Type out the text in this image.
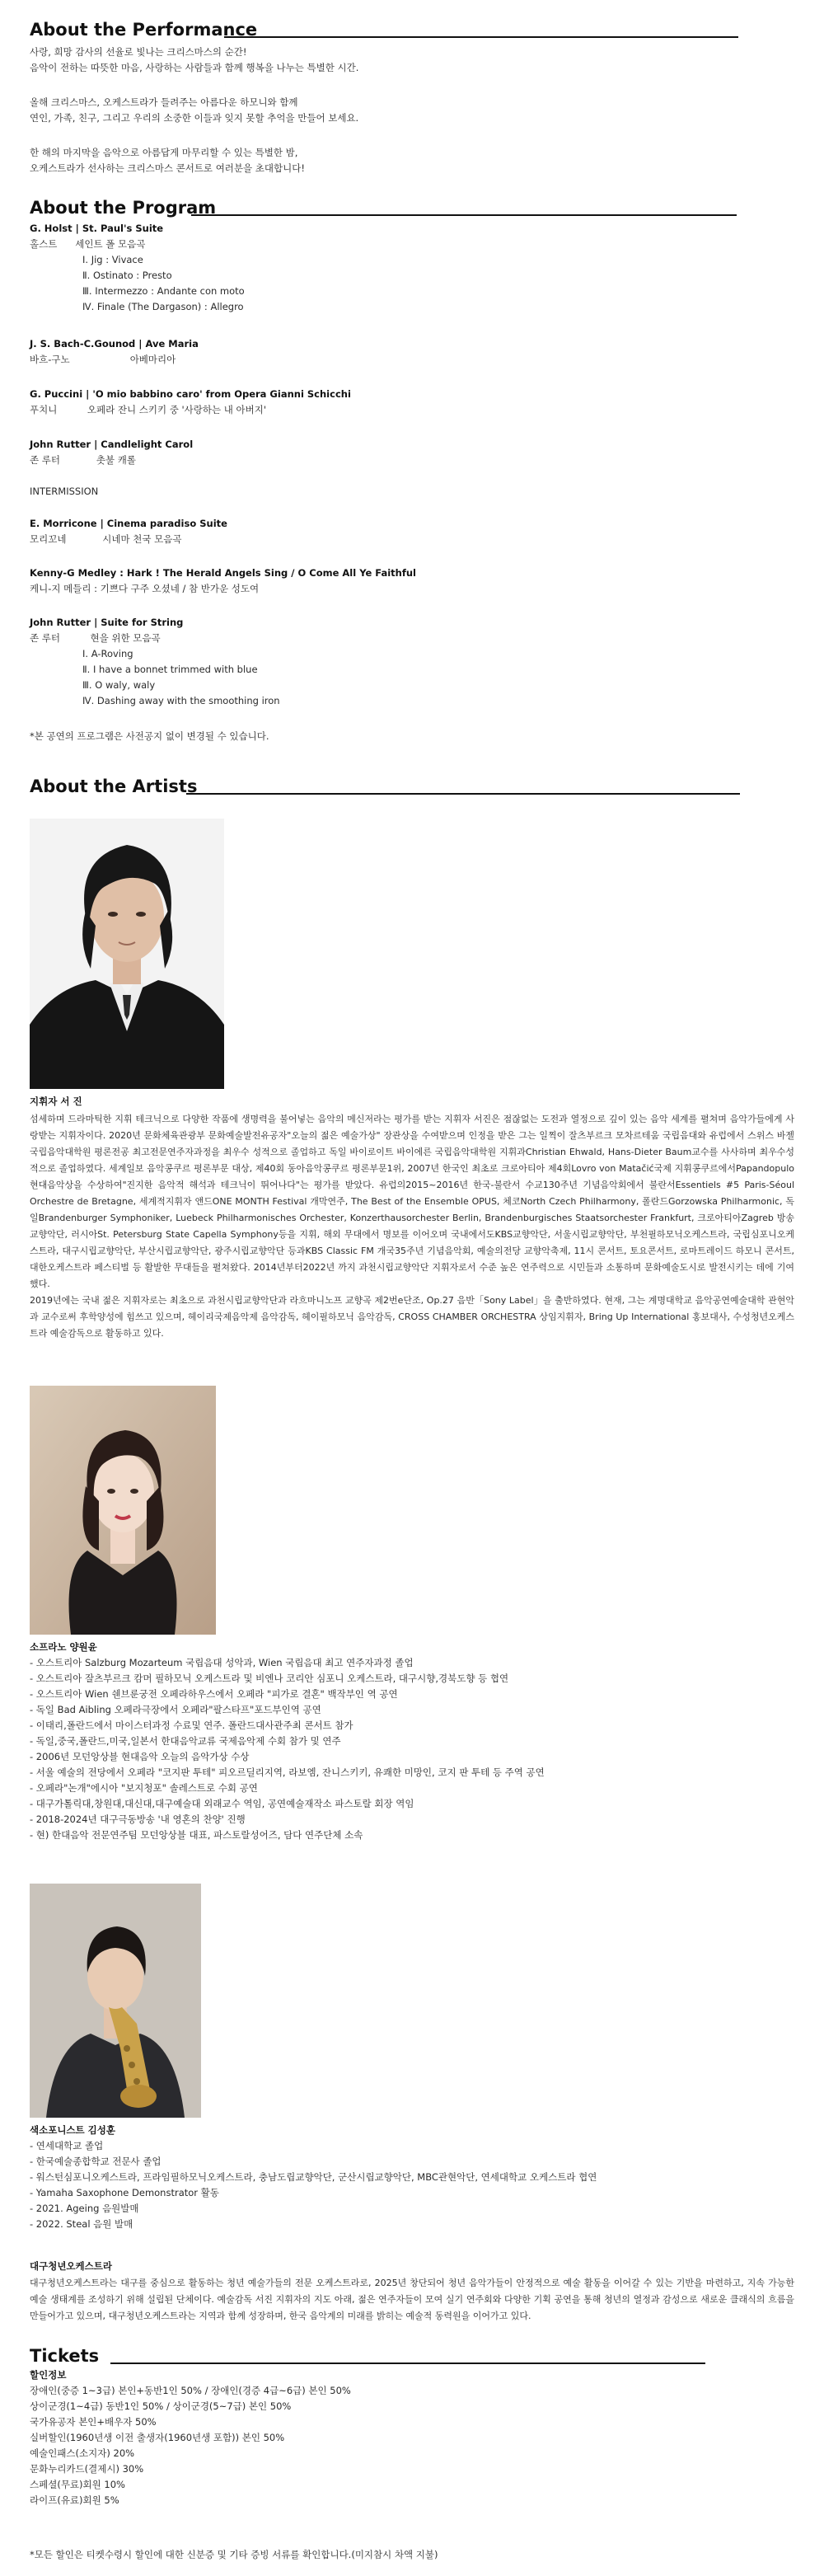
About the Performance
사랑, 희망 감사의 선율로 빛나는 크리스마스의 순간!
음악이 전하는 따뜻한 마음, 사랑하는 사람들과 함께 행복을 나누는 특별한 시간.
올해 크리스마스, 오케스트라가 들려주는 아름다운 하모니와 함께
연인, 가족, 친구, 그리고 우리의 소중한 이들과 잊지 못할 추억을 만들어 보세요.
한 해의 마지막을 음악으로 아름답게 마무리할 수 있는 특별한 밤,
오케스트라가 선사하는 크리스마스 콘서트로 여러분을 초대합니다!
About the Program
G. Holst | St. Paul's Suite
홀스트      세인트 폴 모음곡
Ⅰ. Jig : Vivace
Ⅱ. Ostinato : Presto
Ⅲ. Intermezzo : Andante con moto
Ⅳ. Finale (The Dargason) : Allegro
J. S. Bach-C.Gounod | Ave Maria
바흐-구노                    아베마리아
G. Puccini | 'O mio babbino caro' from Opera Gianni Schicchi
푸치니          오페라 잔니 스키키 중 '사랑하는 내 아버지'
John Rutter | Candlelight Carol
존 루터            촛불 캐롤
INTERMISSION
E. Morricone | Cinema paradiso Suite
모리꼬네            시네마 천국 모음곡
Kenny-G Medley : Hark ! The Herald Angels Sing / O Come All Ye Faithful
케니-지 메들리 : 기쁘다 구주 오셨네 / 참 반가운 성도여
John Rutter | Suite for String
존 루터          현을 위한 모음곡
Ⅰ. A-Roving
Ⅱ. I have a bonnet trimmed with blue
Ⅲ. O waly, waly
Ⅳ. Dashing away with the smoothing iron
*본 공연의 프로그램은 사전공지 없이 변경될 수 있습니다.
About the Artists
지휘자 서 진
섬세하며 드라마틱한 지휘 테크닉으로 다양한 작품에 생명력을 불어넣는 음악의 메신저라는 평가를 받는 지휘자 서진은 점잖없는 도전과 열정으로 깊이 있는 음악 세계를 펼쳐며 음악가들에게 사랑받는 지휘자이다. 2020년 문화체육관광부 문화예술발전유공자"오늘의 젊은 예술가상" 장관상을 수여받으며 인정을 받은 그는 일찍이 잘츠부르크 모차르테움 국립음대와 유럽에서 스위스 바젤 국립음악대학원 평론전공 최고전문연주자과정을 최우수 성적으로 졸업하고 독일 바이로이트 바이에른 국립음악대학원 지휘과Christian Ehwald, Hans-Dieter Baum교수를 사사하며 최우수성적으로 졸업하였다. 세계일보 음악콩쿠르 평론부문 대상, 제40회 동아음악콩쿠르 평론부문1위, 2007년 한국인 최초로 크로아티아 제4회Lovro von Matačić국제 지휘콩쿠르에서Papandopulo 현대음악상을 수상하여"진지한 음악적 해석과 테크닉이 뛰어나다"는 평가를 받았다. 유럽의2015~2016년 한국-불란서 수교130주년 기념음악회에서 불란서Essentiels #5 Paris-Séoul Orchestre de Bretagne, 세계적지휘자 앤드ONE MONTH Festival 개막연주, The Best of the Ensemble OPUS, 체코North Czech Philharmony, 폴란드Gorzowska Philharmonic, 독일Brandenburger Symphoniker, Luebeck Philharmonisches Orchester, Konzerthausorchester Berlin, Brandenburgisches Staatsorchester Frankfurt, 크로아티아Zagreb 방송 교향악단, 러시아St. Petersburg State Capella Symphony등을 지휘, 해외 무대에서 명보를 이어오며 국내에서도KBS교향악단, 서울시립교향악단, 부천필하모닉오케스트라, 국립심포니오케스트라, 대구시립교향악단, 부산시립교향악단, 광주시립교향악단 등과KBS Classic FM 개국35주년 기념음악회, 예술의전당 교향악축제, 11시 콘서트, 토요콘서트, 로마트레이드 하모니 콘서트, 대한오케스트라 페스티벌 등 활발한 무대들을 펼쳐왔다. 2014년부터2022년 까지 과천시립교향악단 지휘자로서 수준 높은 연주력으로 시민들과 소통하며 문화예술도시로 발전시키는 데에 기여했다.
2019년에는 국내 젊은 지휘자로는 최초으로 과천시립교향악단과 라흐마니노프 교향곡 제2번e단조, Op.27 음반「Sony Label」을 출반하였다. 현재, 그는 계명대학교 음악공연예술대학 관현악과 교수로써 후학양성에 힘쓰고 있으며, 헤이리국제음악제 음악감독, 헤이필하모닉 음악감독, CROSS CHAMBER ORCHESTRA 상임지휘자, Bring Up International 홍보대사, 수성청년오케스트라 예술감독으로 활동하고 있다.
소프라노 양원윤
- 오스트리아 Salzburg Mozarteum 국립음대 성악과, Wien 국립음대 최고 연주자과정 졸업
- 오스트리아 잘츠부르크 캄머 필하모닉 오케스트라 및 비엔나 코리안 심포니 오케스트라, 대구시향,경북도향 등 협연
- 오스트리아 Wien 쉔브룬궁전 오페라하우스에서 오페라 "피가로 결혼" 백작부인 역 공연
- 독일 Bad Aibling 오페라극장에서 오페라"팔스타프"포드부인역 공연
- 이태리,폴란드에서 마이스터과정 수료및 연주. 폴란드대사관주최 콘서트 참가
- 독일,중국,폴란드,미국,일본서 한대음악교류 국제음악제 수회 참가 및 연주
- 2006년 모던앙상블 현대음악 오늘의 음악가상 수상
- 서울 예술의 전당에서 오페라 "코지판 투테" 피오르딜리지역, 라보엠, 잔니스키키, 유쾌한 미망인, 코지 판 투테 등 주역 공연
- 오페라"논개"에시아 "보지청포" 솔레스트로 수회 공연
- 대구가톨릭대,창원대,대신대,대구예술대 외래교수 역임, 공연예술재작소 파스토랄 회장 역임
- 2018-2024년 대구극동방송 '내 영혼의 찬양' 진행
- 현) 한대음악 전문연주팀 모던앙상블 대표, 파스토랄성어즈, 담다 연주단체 소속
색소포니스트 김성훈
- 연세대학교 졸업
- 한국예술종합학교 전문사 졸업
- 워스턴심포니오케스트라, 프라임필하모닉오케스트라, 충남도립교향악단, 군산시립교향악단, MBC관현악단, 연세대학교 오케스트라 협연
- Yamaha Saxophone Demonstrator 활동
- 2021. Ageing 음원발매
- 2022. Steal 음원 발매
대구청년오케스트라
대구청년오케스트라는 대구를 중심으로 활동하는 청년 예술가들의 전문 오케스트라로, 2025년 창단되어 청년 음악가들이 안정적으로 예술 활동을 이어갈 수 있는 기반을 마련하고, 지속 가능한 예술 생태계를 조성하기 위해 설립된 단체이다. 예술감독 서진 지휘자의 지도 아래, 젊은 연주자들이 모여 실기 연주회와 다양한 기획 공연을 통해 청년의 열정과 감성으로 새로운 클래식의 흐름을 만들어가고 있으며, 대구청년오케스트라는 지역과 함께 성장하며, 한국 음악계의 미래를 밝히는 예술적 동력원을 이어가고 있다.
Tickets
할인정보
장애인(중증 1~3급) 본인+동반1인 50% / 장애인(경증 4급~6급) 본인 50%
상이군경(1~4급) 동반1인 50% / 상이군경(5~7급) 본인 50%
국가유공자 본인+배우자 50%
실버할인(1960년생 이전 출생자(1960년생 포함)) 본인 50%
예술인패스(소지자) 20%
문화누리카드(결제시) 30%
스페셜(무료)회원 10%
라이프(유료)회원 5%
*모든 할인은 티켓수령시 할인에 대한 신분증 및 기타 증빙 서류를 확인합니다.(미지참시 차액 지불)
